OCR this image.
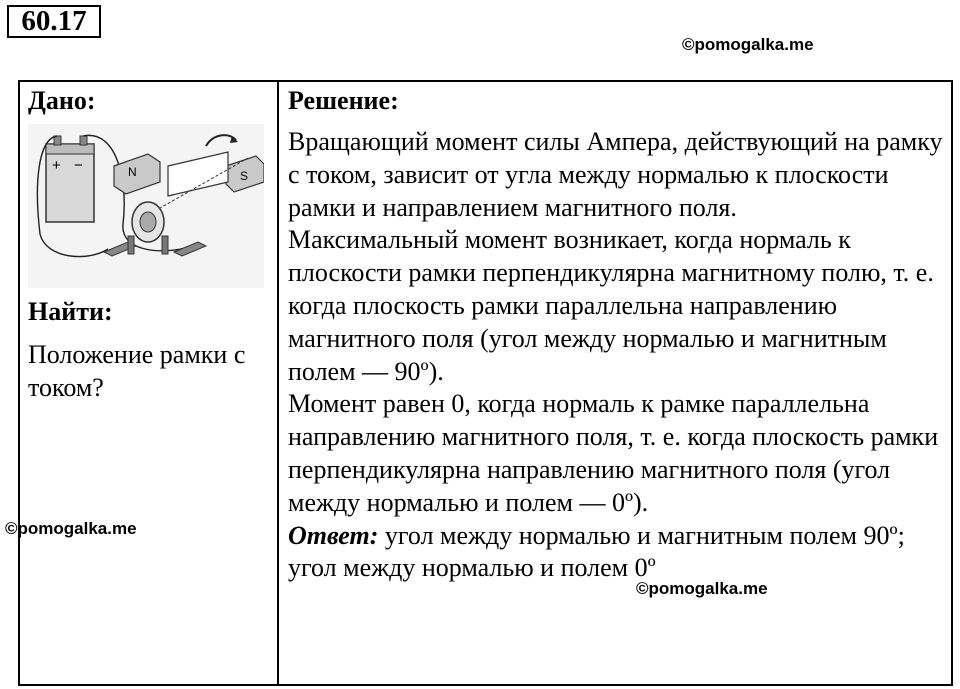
60.17
©pomogalka.me
Дано:
+ −	N	S
Найти:
Положение рамки с током?
Решение:

Вращающий момент силы Ампера, действующий на рамку с током, зависит от угла между нормалью к плоскости рамки и направлением магнитного поля.

Максимальный момент возникает, когда нормаль к плоскости рамки перпендикулярна магнитному полю, т. е. когда плоскость рамки параллельна направлению магнитного поля (угол между нормалью и магнитным полем — 90º).

Момент равен 0, когда нормаль к рамке параллельна направлению магнитного поля, т. е. когда плоскость рамки перпендикулярна направлению магнитного поля (угол между нормалью и полем — 0º).

Ответ: угол между нормалью и магнитным полем 90º; угол между нормалью и полем 0º

©pomogalka.me
©pomogalka.me
